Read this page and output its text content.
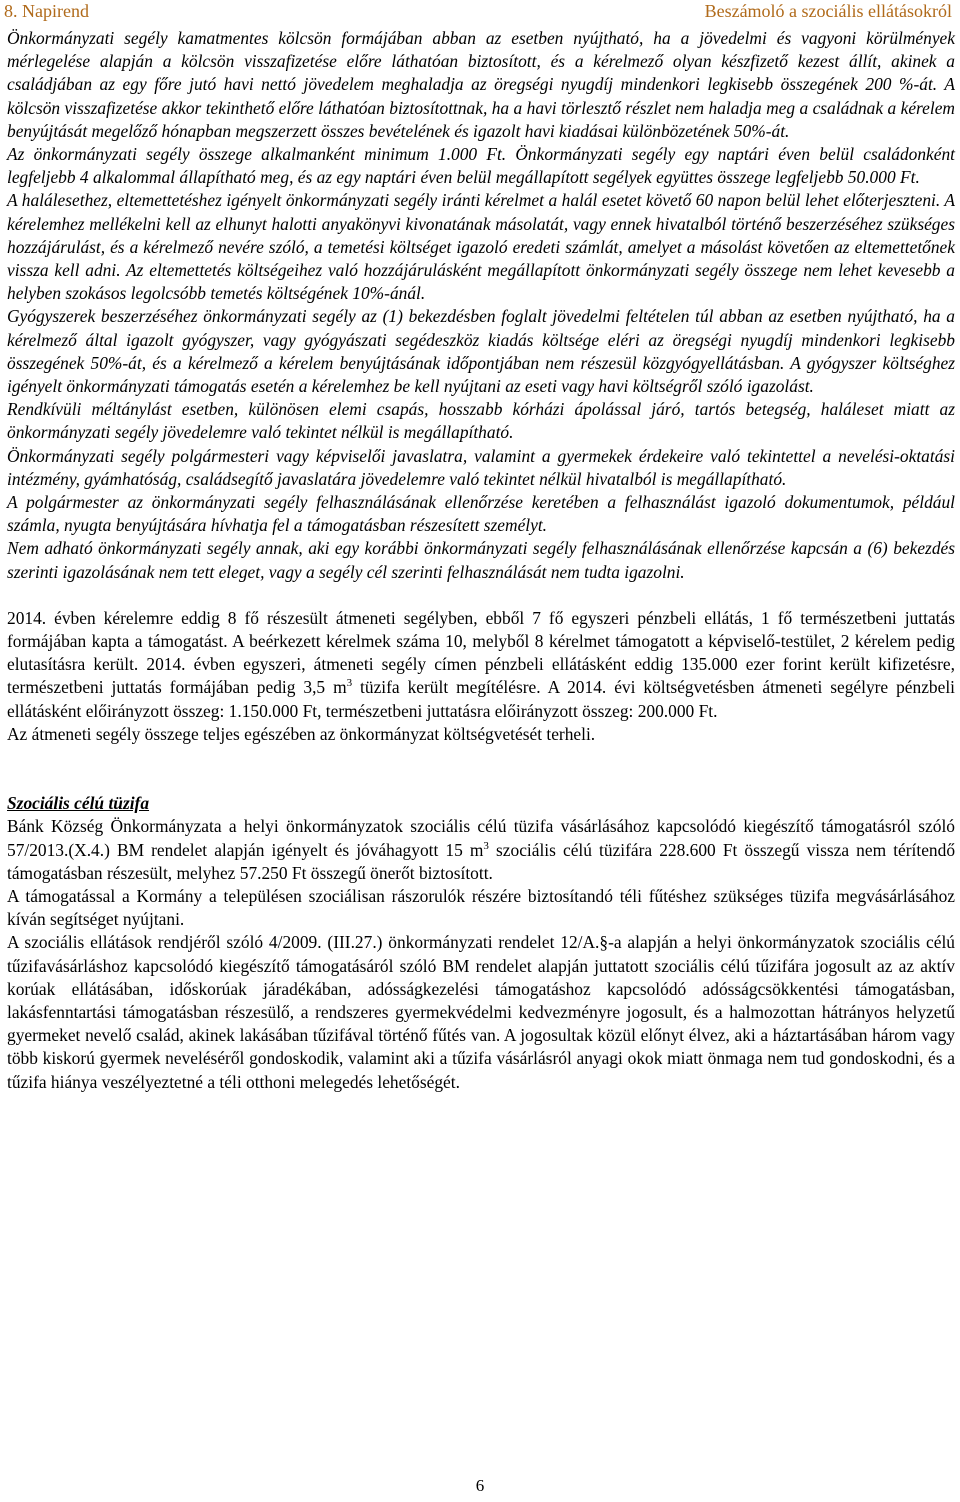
8. Napirend	Beszámoló a szociális ellátásokról

Önkormányzati segély kamatmentes kölcsön formájában abban az esetben nyújtható, ha a jövedelmi és vagyoni körülmények mérlegelése alapján a kölcsön visszafizetése előre láthatóan biztosított, és a kérelmező olyan készfizető kezest állít, akinek a családjában az egy főre jutó havi nettó jövedelem meghaladja az öregségi nyugdíj mindenkori legkisebb összegének 200 %-át. A kölcsön visszafizetése akkor tekinthető előre láthatóan biztosítottnak, ha a havi törlesztő részlet nem haladja meg a családnak a kérelem benyújtását megelőző hónapban megszerzett összes bevételének és igazolt havi kiadásai különbözetének 50%-át.

Az önkormányzati segély összege alkalmanként minimum 1.000 Ft. Önkormányzati segély egy naptári éven belül családonként legfeljebb 4 alkalommal állapítható meg, és az egy naptári éven belül megállapított segélyek együttes összege legfeljebb 50.000 Ft.

A halálesethez, eltemettetéshez igényelt önkormányzati segély iránti kérelmet a halál esetet követő 60 napon belül lehet előterjeszteni. A kérelemhez mellékelni kell az elhunyt halotti anyakönyvi kivonatának másolatát, vagy ennek hivatalból történő beszerzéséhez szükséges hozzájárulást, és a kérelmező nevére szóló, a temetési költséget igazoló eredeti számlát, amelyet a másolást követően az eltemettetőnek vissza kell adni. Az eltemettetés költségeihez való hozzájárulásként megállapított önkormányzati segély összege nem lehet kevesebb a helyben szokásos legolcsóbb temetés költségének 10%-ánál.

Gyógyszerek beszerzéséhez önkormányzati segély az (1) bekezdésben foglalt jövedelmi feltételen túl abban az esetben nyújtható, ha a kérelmező által igazolt gyógyszer, vagy gyógyászati segédeszköz kiadás költsége eléri az öregségi nyugdíj mindenkori legkisebb összegének 50%-át, és a kérelmező a kérelem benyújtásának időpontjában nem részesül közgyógyellátásban. A gyógyszer költséghez igényelt önkormányzati támogatás esetén a kérelemhez be kell nyújtani az eseti vagy havi költségről szóló igazolást.

Rendkívüli méltánylást esetben, különösen elemi csapás, hosszabb kórházi ápolással járó, tartós betegség, haláleset miatt az önkormányzati segély jövedelemre való tekintet nélkül is megállapítható.

Önkormányzati segély polgármesteri vagy képviselői javaslatra, valamint a gyermekek érdekeire való tekintettel a nevelési-oktatási intézmény, gyámhatóság, családsegítő javaslatára jövedelemre való tekintet nélkül hivatalból is megállapítható.

A polgármester az önkormányzati segély felhasználásának ellenőrzése keretében a felhasználást igazoló dokumentumok, például számla, nyugta benyújtására hívhatja fel a támogatásban részesített személyt.

Nem adható önkormányzati segély annak, aki egy korábbi önkormányzati segély felhasználásának ellenőrzése kapcsán a (6) bekezdés szerinti igazolásának nem tett eleget, vagy a segély cél szerinti felhasználását nem tudta igazolni.

2014. évben kérelemre eddig 8 fő részesült átmeneti segélyben, ebből 7 fő egyszeri pénzbeli ellátás, 1 fő természetbeni juttatás formájában kapta a támogatást. A beérkezett kérelmek száma 10, melyből 8 kérelmet támogatott a képviselő-testület, 2 kérelem pedig elutasításra került. 2014. évben egyszeri, átmeneti segély címen pénzbeli ellátásként eddig 135.000 ezer forint került kifizetésre, természetbeni juttatás formájában pedig 3,5 $m^3$ tüzifa került megítélésre. A 2014. évi költségvetésben átmeneti segélyre pénzbeli ellátásként előirányzott összeg: 1.150.000 Ft, természetbeni juttatásra előirányzott összeg: 200.000 Ft.

Az átmeneti segély összege teljes egészében az önkormányzat költségvetését terheli.

Szociális célú tüzifa

Bánk Község Önkormányzata a helyi önkormányzatok szociális célú tüzifa vásárlásához kapcsolódó kiegészítő támogatásról szóló 57/2013.(X.4.) BM rendelet alapján igényelt és jóváhagyott 15 $m^3$ szociális célú tüzifára 228.600 Ft összegű vissza nem térítendő támogatásban részesült, melyhez 57.250 Ft összegű önerőt biztosított.

A támogatással a Kormány a településen szociálisan rászorulók részére biztosítandó téli fűtéshez szükséges tüzifa megvásárlásához kíván segítséget nyújtani.

A szociális ellátások rendjéről szóló 4/2009. (III.27.) önkormányzati rendelet 12/A.§-a alapján a helyi önkormányzatok szociális célú tűzifavásárláshoz kapcsolódó kiegészítő támogatásáról szóló BM rendelet alapján juttatott szociális célú tűzifára jogosult az az aktív korúak ellátásában, időskorúak járadékában, adósságkezelési támogatáshoz kapcsolódó adósságcsökkentési támogatásban, lakásfenntartási támogatásban részesülő, a rendszeres gyermekvédelmi kedvezményre jogosult, és a halmozottan hátrányos helyzetű gyermeket nevelő család, akinek lakásában tűzifával történő fűtés van. A jogosultak közül előnyt élvez, aki a háztartásában három vagy több kiskorú gyermek neveléséről gondoskodik, valamint aki a tűzifa vásárlásról anyagi okok miatt önmaga nem tud gondoskodni, és a tűzifa hiánya veszélyeztetné a téli otthoni melegedés lehetőségét.

6
